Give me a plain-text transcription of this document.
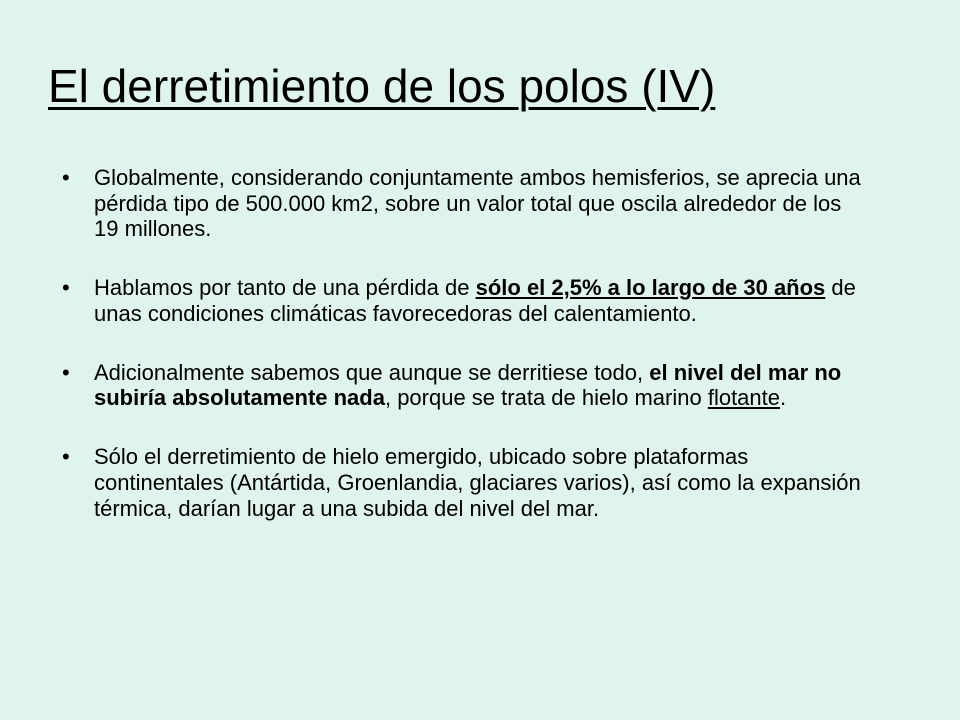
El derretimiento de los polos (IV)
• Globalmente, considerando conjuntamente ambos hemisferios, se aprecia una pérdida tipo de 500.000 km2, sobre un valor total que oscila alrededor de los 19 millones.
• Hablamos por tanto de una pérdida de sólo el 2,5% a lo largo de 30 años de unas condiciones climáticas favorecedoras del calentamiento.
• Adicionalmente sabemos que aunque se derritiese todo, el nivel del mar no subiría absolutamente nada, porque se trata de hielo marino flotante.
• Sólo el derretimiento de hielo emergido, ubicado sobre plataformas continentales (Antártida, Groenlandia, glaciares varios), así como la expansión térmica, darían lugar a una subida del nivel del mar.
